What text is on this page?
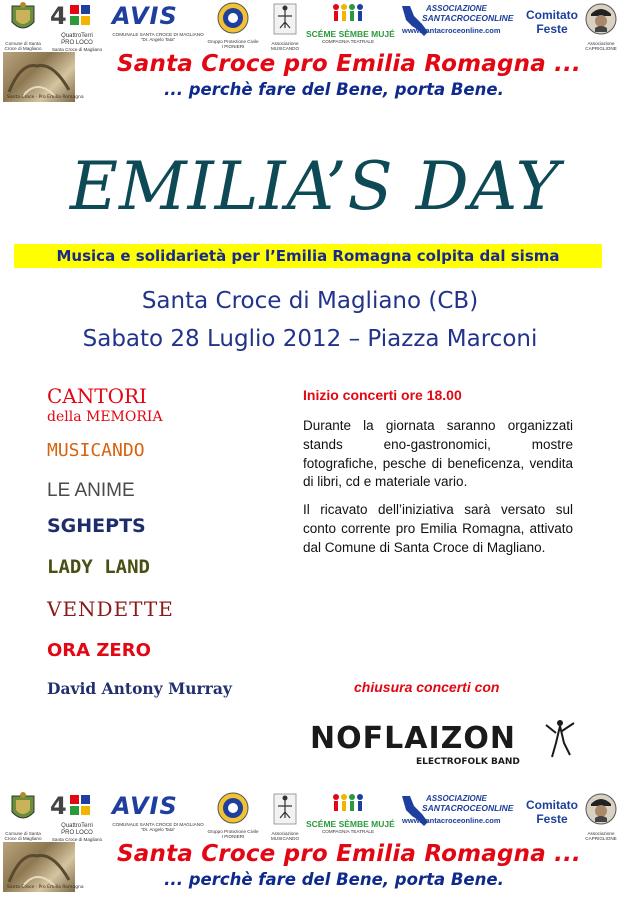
Comune di Santa Croce di Magliano
4
QuattroTerri
PRO LOCO
Santa Croce di Magliano
AVIS
COMUNALE SANTA CROCE DI MAGLIANO "Dr. Angelo Tata"	Gruppo Protezione Civile
I PIONIERI
Associazione
MUSICANDO
SCÉME SÈMBE MUJÉ
COMPAGNIA TEATRALE
ASSOCIAZIONE
SANTACROCEONLINE
www.santacroceonline.com
Comitato
Feste
Associazione
CAPRIGLIONE
Santa Croce · Pro Emilia Romagna
Santa Croce pro Emilia Romagna ...
... perchè fare del Bene, porta Bene.
EMILIA’S DAY
Musica e solidarietà per l’Emilia Romagna colpita dal sisma
Santa Croce di Magliano (CB)
Sabato 28 Luglio 2012 – Piazza Marconi
CANTORI
della MEMORIA
MUSICANDO
LE ANIME
SGHEPTS
LADY LAND
VENDETTE
ORA ZERO
David Antony Murray
Inizio concerti ore 18.00

Durante la giornata saranno organizzati stands eno-gastronomici, mostre fotografiche, pesche di beneficenza, vendita di libri, cd e materiale vario.

Il ricavato dell’iniziativa sarà versato sul conto corrente pro Emilia Romagna, attivato dal Comune di Santa Croce di Magliano.

chiusura concerti con
NOFLAIZON
ELECTROFOLK BAND
Comune di Santa Croce di Magliano
4
QuattroTerri
PRO LOCO
Santa Croce di Magliano
AVIS
COMUNALE SANTA CROCE DI MAGLIANO "Dr. Angelo Tata"	Gruppo Protezione Civile
I PIONIERI
Associazione
MUSICANDO
SCÉME SÈMBE MUJÉ
COMPAGNIA TEATRALE
ASSOCIAZIONE
SANTACROCEONLINE
www.santacroceonline.com
Comitato
Feste
Associazione
CAPRIGLIONE
Santa Croce · Pro Emilia Romagna
Santa Croce pro Emilia Romagna ...
... perchè fare del Bene, porta Bene.
